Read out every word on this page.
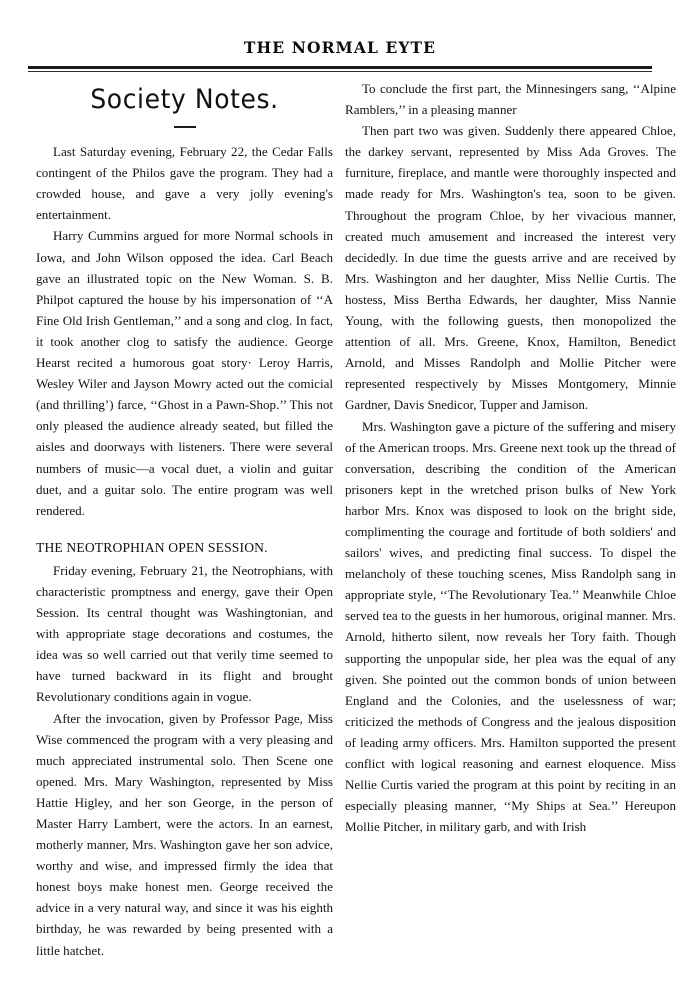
THE NORMAL EYTE
Society Notes.

Last Saturday evening, February 22, the Cedar Falls contingent of the Philos gave the program. They had a crowded house, and gave a very jolly evening's entertainment.

Harry Cummins argued for more Normal schools in Iowa, and John Wilson opposed the idea. Carl Beach gave an illustrated topic on the New Woman. S. B. Philpot captured the house by his impersonation of ‘‘A Fine Old Irish Gentleman,’’ and a song and clog. In fact, it took another clog to satisfy the audience. George Hearst recited a humorous goat story· Leroy Harris, Wesley Wiler and Jayson Mowry acted out the comicial (and thrilling’) farce, ‘‘Ghost in a Pawn-Shop.’’ This not only pleased the audience already seated, but filled the aisles and doorways with listeners. There were several numbers of music—a vocal duet, a violin and guitar duet, and a guitar solo. The entire program was well rendered.

THE NEOTROPHIAN OPEN SESSION.

Friday evening, February 21, the Neotrophians, with characteristic promptness and energy, gave their Open Session. Its central thought was Washingtonian, and with appropriate stage decorations and costumes, the idea was so well carried out that verily time seemed to have turned backward in its flight and brought Revolutionary conditions again in vogue.

After the invocation, given by Professor Page, Miss Wise commenced the program with a very pleasing and much appreciated instrumental solo. Then Scene one opened. Mrs. Mary Washington, represented by Miss Hattie Higley, and her son George, in the person of Master Harry Lambert, were the actors. In an earnest, motherly manner, Mrs. Washington gave her son advice, worthy and wise, and impressed firmly the idea that honest boys make honest men. George received the advice in a very natural way, and since it was his eighth birthday, he was rewarded by being presented with a little hatchet.

To conclude the first part, the Minnesingers sang, ‘‘Alpine Ramblers,’’ in a pleasing manner

Then part two was given. Suddenly there appeared Chloe, the darkey servant, represented by Miss Ada Groves. The furniture, fireplace, and mantle were thoroughly inspected and made ready for Mrs. Washington's tea, soon to be given. Throughout the program Chloe, by her vivacious manner, created much amusement and increased the interest very decidedly. In due time the guests arrive and are received by Mrs. Washington and her daughter, Miss Nellie Curtis. The hostess, Miss Bertha Edwards, her daughter, Miss Nannie Young, with the following guests, then monopolized the attention of all. Mrs. Greene, Knox, Hamilton, Benedict Arnold, and Misses Randolph and Mollie Pitcher were represented respectively by Misses Montgomery, Minnie Gardner, Davis Snedicor, Tupper and Jamison.

Mrs. Washington gave a picture of the suffering and misery of the American troops. Mrs. Greene next took up the thread of conversation, describing the condition of the American prisoners kept in the wretched prison bulks of New York harbor Mrs. Knox was disposed to look on the bright side, complimenting the courage and fortitude of both soldiers' and sailors' wives, and predicting final success. To dispel the melancholy of these touching scenes, Miss Randolph sang in appropriate style, ‘‘The Revolutionary Tea.’’ Meanwhile Chloe served tea to the guests in her humorous, original manner. Mrs. Arnold, hitherto silent, now reveals her Tory faith. Though supporting the unpopular side, her plea was the equal of any given. She pointed out the common bonds of union between England and the Colonies, and the uselessness of war; criticized the methods of Congress and the jealous disposition of leading army officers. Mrs. Hamilton supported the present conflict with logical reasoning and earnest eloquence. Miss Nellie Curtis varied the program at this point by reciting in an especially pleasing manner, ‘‘My Ships at Sea.’’ Hereupon Mollie Pitcher, in military garb, and with Irish
